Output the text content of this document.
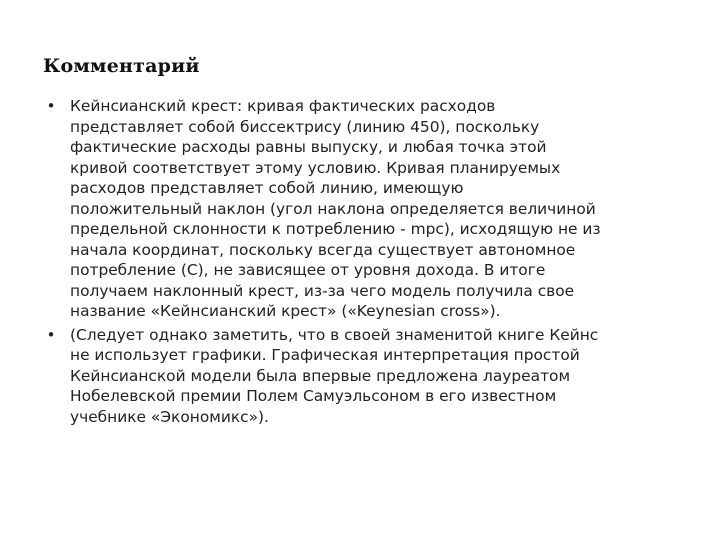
Комментарий
• Кейнсианский крест: кривая фактических расходов
представляет собой биссектрису (линию 450), поскольку
фактические расходы равны выпуску, и любая точка этой
кривой соответствует этому условию. Кривая планируемых
расходов представляет собой линию, имеющую
положительный наклон (угол наклона определяется величиной
предельной склонности к потреблению - mpc), исходящую не из
начала координат, поскольку всегда существует автономное
потребление (С), не зависящее от уровня дохода. В итоге
получаем наклонный крест, из-за чего модель получила свое
название «Кейнсианский крест» («Keynesian cross»).
• (Следует однако заметить, что в своей знаменитой книге Кейнс
не использует графики. Графическая интерпретация простой
Кейнсианской модели была впервые предложена лауреатом
Нобелевской премии Полем Самуэльсоном в его известном
учебнике «Экономикс»).
